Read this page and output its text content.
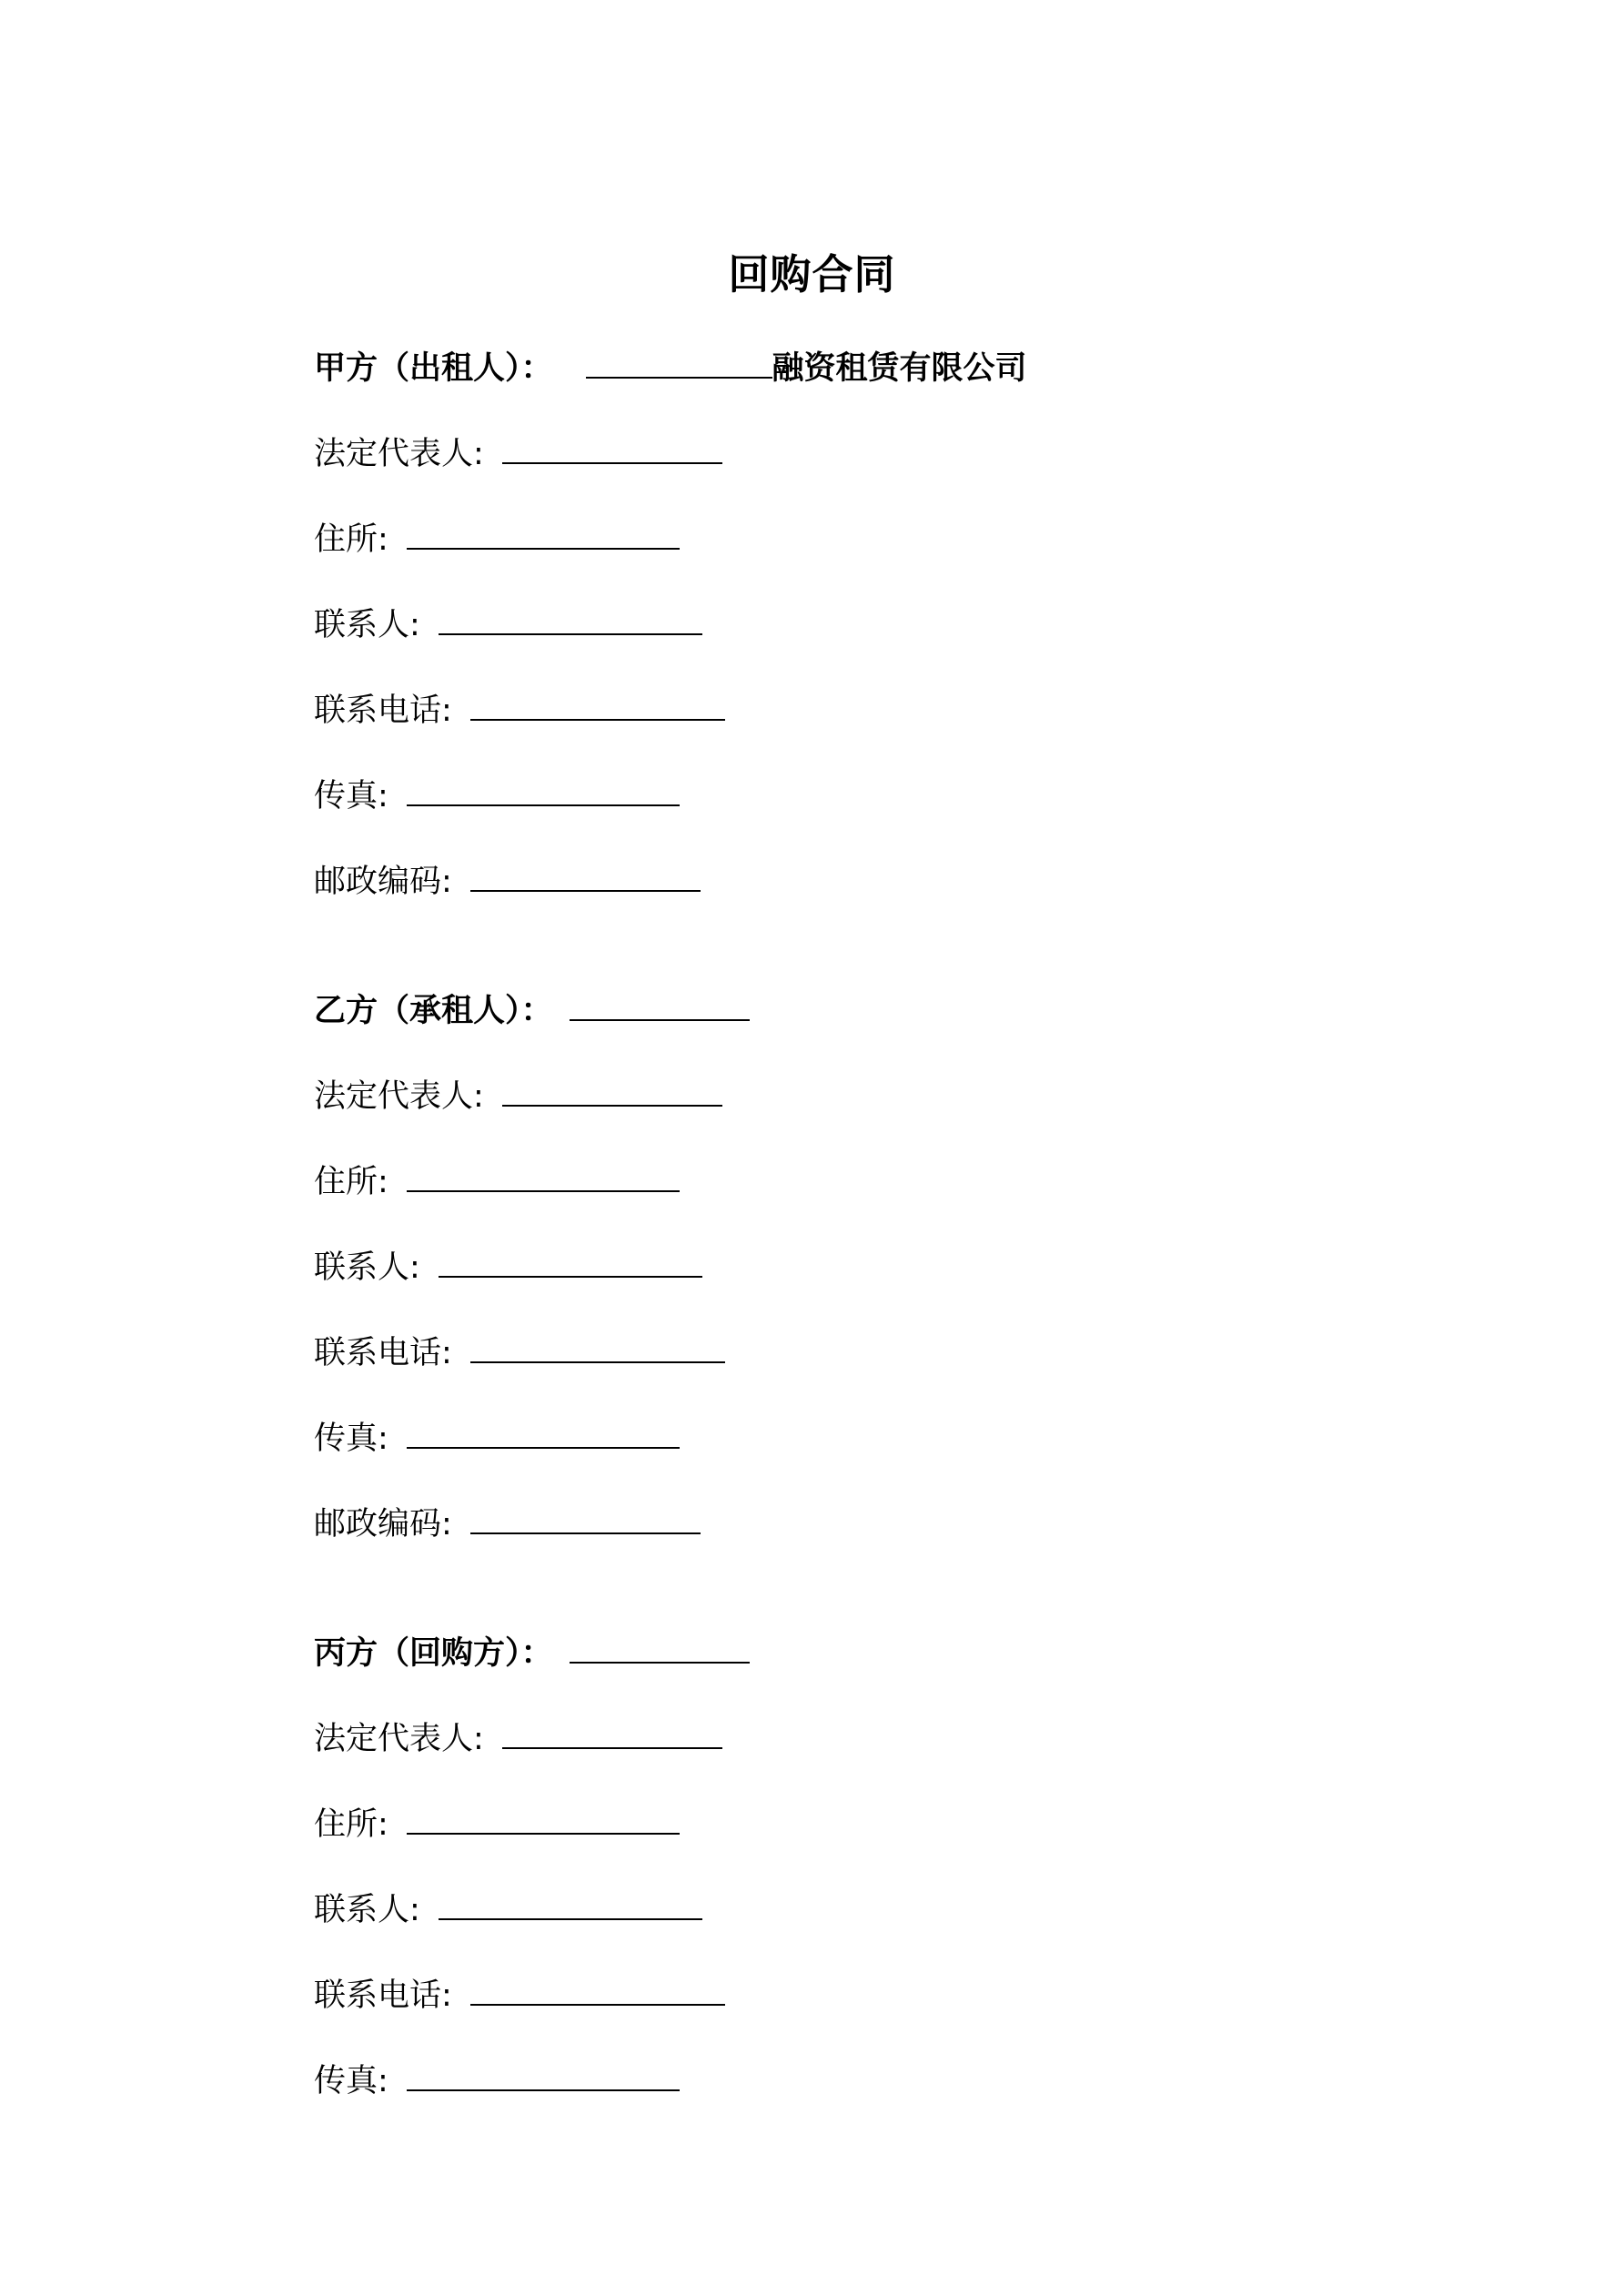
回购合同
甲方（出租人）：	融资租赁有限公司
法定代表人:
住所:
联系人:
联系电话:
传真:
邮政编码:
乙方（承租人）：
法定代表人:
住所:
联系人:
联系电话:
传真:
邮政编码:
丙方（回购方）：
法定代表人:
住所:
联系人:
联系电话:
传真:
